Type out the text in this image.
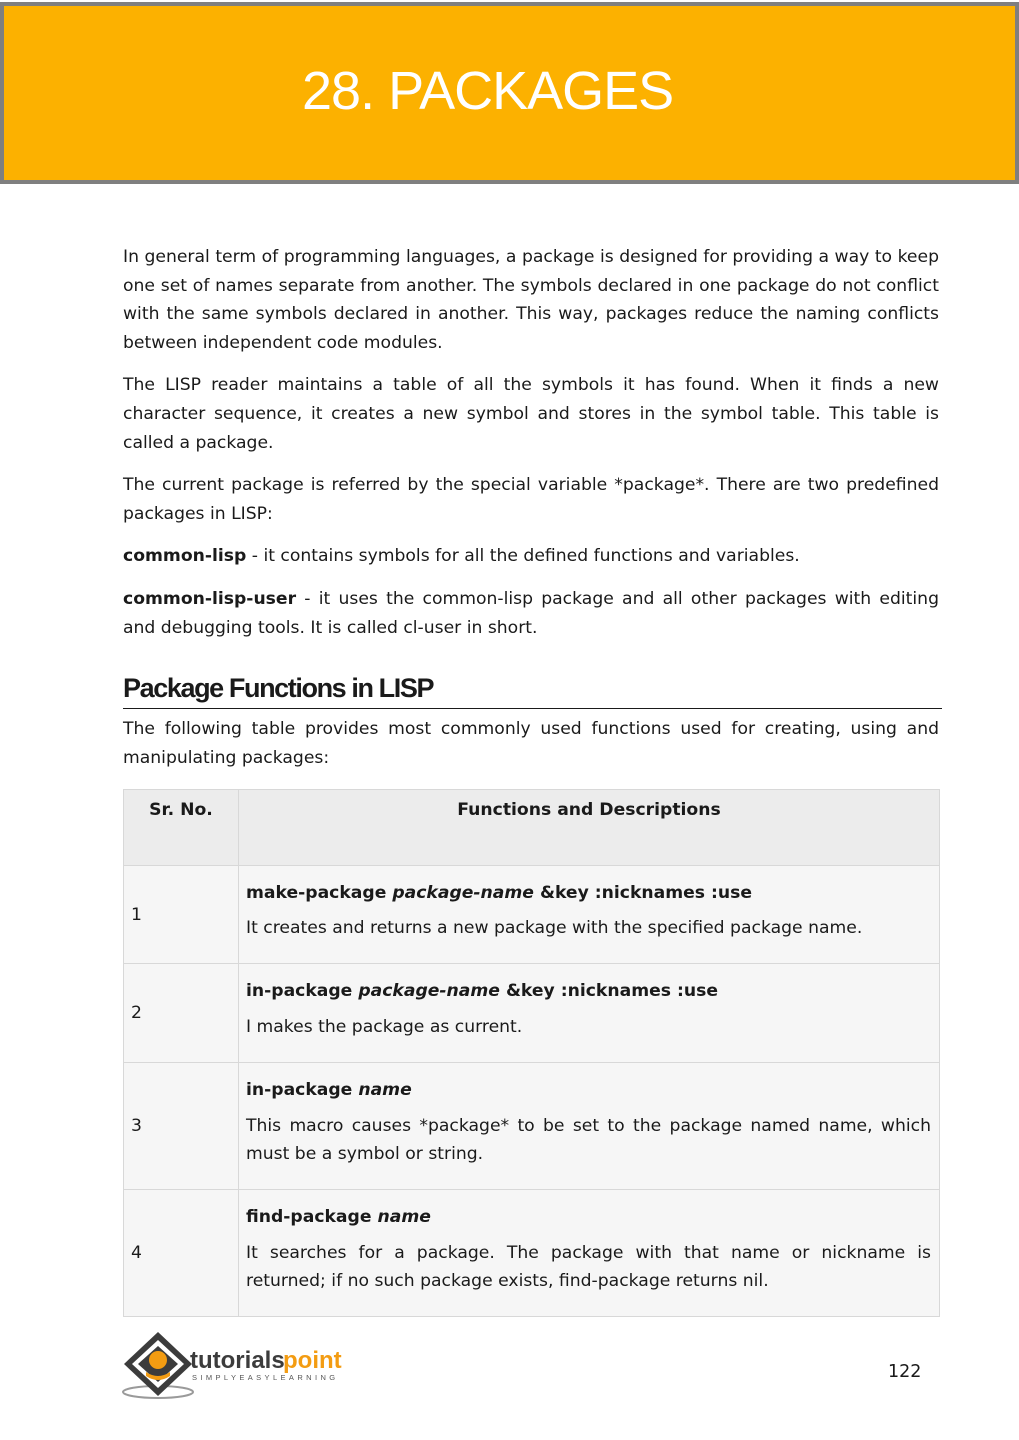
28. PACKAGES

In general term of programming languages, a package is designed for providing a way to keep one set of names separate from another. The symbols declared in one package do not conflict with the same symbols declared in another. This way, packages reduce the naming conflicts between independent code modules.

The LISP reader maintains a table of all the symbols it has found. When it finds a new character sequence, it creates a new symbol and stores in the symbol table. This table is called a package.

The current package is referred by the special variable *package*. There are two predefined packages in LISP:

common-lisp - it contains symbols for all the defined functions and variables.

common-lisp-user - it uses the common-lisp package and all other packages with editing and debugging tools. It is called cl-user in short.

Package Functions in LISP

The following table provides most commonly used functions used for creating, using and manipulating packages:

Sr. No.	Functions and Descriptions
1	make-package package-name &key :nicknames :use
It creates and returns a new package with the specified package name.

2	in-package package-name &key :nicknames :use
I makes the package as current.

3	in-package name
This macro causes *package* to be set to the package named name, which must be a symbol or string.

4	find-package name
It searches for a package. The package with that name or nickname is returned; if no such package exists, find-package returns nil.
tutorials
point
SIMPLYEASYLEARNING	122
